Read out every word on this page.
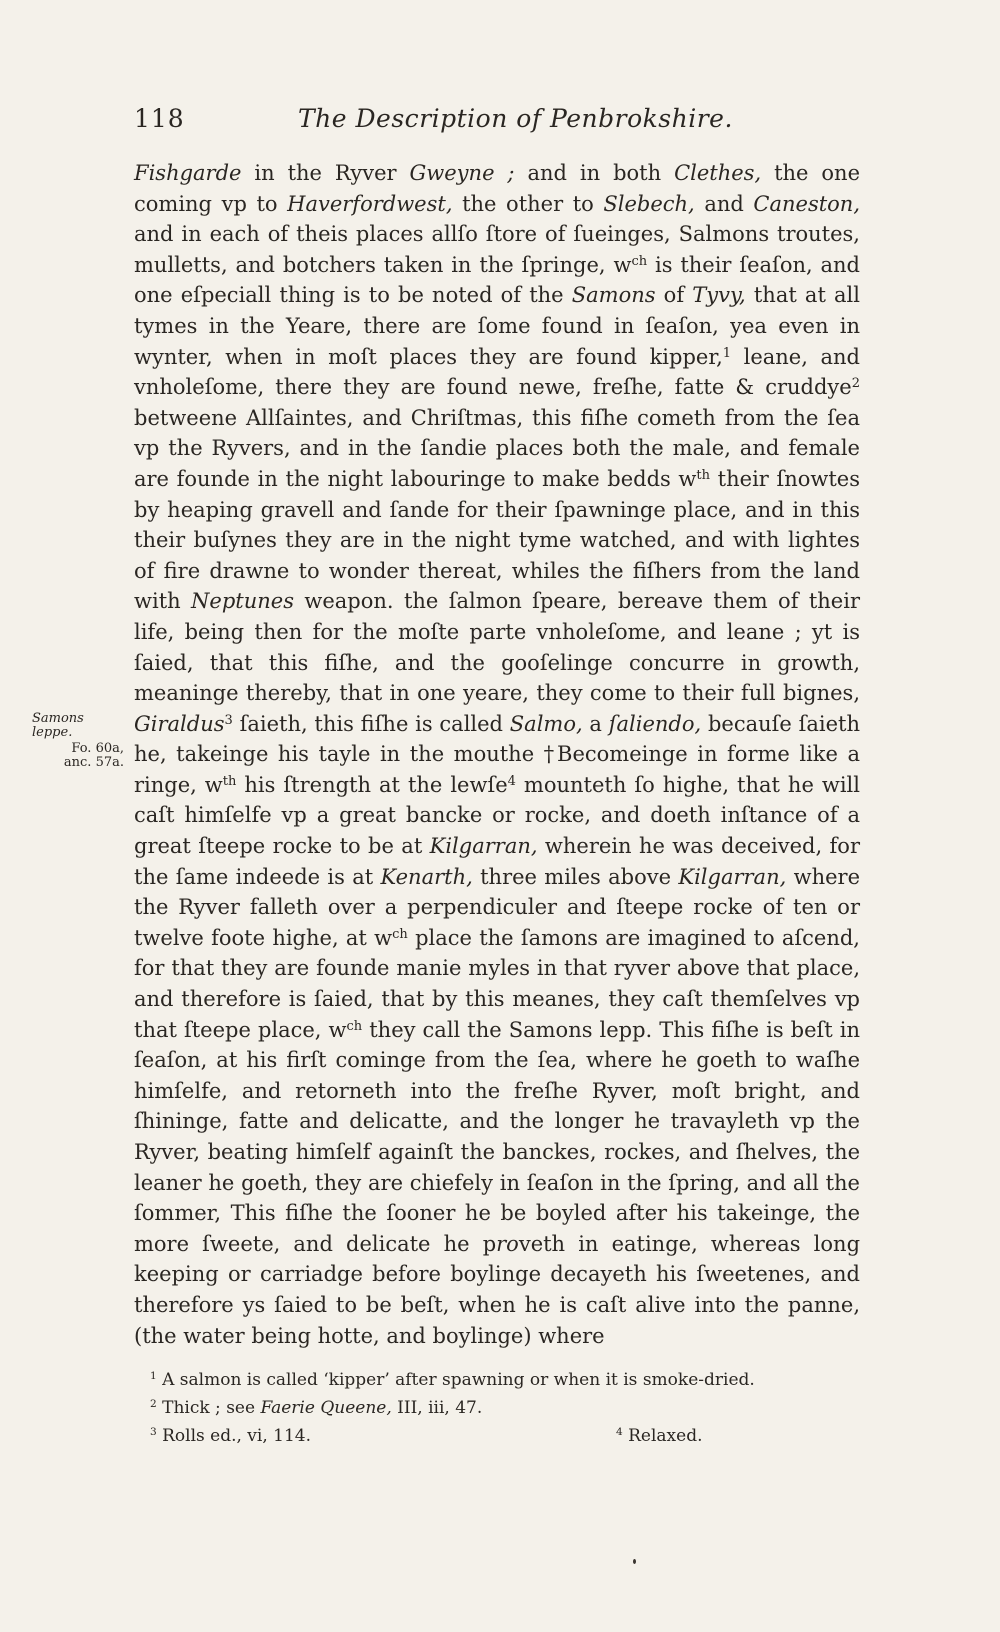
118	The Description of Penbrokshire.
Samons leppe.
Fo. 60a,
anc. 57a.

Fishgarde in the Ryver Gweyne ; and in both Clethes, the one coming vp to Haverfordwest, the other to Slebech, and Caneston, and in each of theis places allſo ſtore of ſueinges, Salmons troutes, mulletts, and botchers taken in the ſpringe, $w^{ch}$ is their ſeaſon, and one eſpeciall thing is to be noted of the Samons of Tyvy, that at all tymes in the Yeare, there are ſome found in ſeaſon, yea even in wynter, when in moſt places they are found kipper,$^1$ leane, and vnholeſome, there they are found newe, freſhe, fatte & cruddye$^2$ betweene Allſaintes, and Chriſtmas, this fiſhe cometh from the ſea vp the Ryvers, and in the ſandie places both the male, and female are founde in the night labouringe to make bedds $w^{th}$ their ſnowtes by heaping gravell and ſande for their ſpawninge place, and in this their buſynes they are in the night tyme watched, and with lightes of fire drawne to wonder thereat, whiles the fiſhers from the land with Neptunes weapon. the ſalmon ſpeare, bereave them of their life, being then for the moſte parte vnholeſome, and leane ; yt is ſaied, that this fiſhe, and the gooſelinge concurre in growth, meaninge thereby, that in one yeare, they come to their full bignes, Giraldus$^3$ ſaieth, this fiſhe is called Salmo, a ſaliendo, becauſe ſaieth he, takeinge his tayle in the mouthe †Becomeinge in forme like a ringe, $w^{th}$ his ſtrength at the lewſe$^4$ mounteth ſo highe, that he will caſt himſelfe vp a great bancke or rocke, and doeth inſtance of a great ſteepe rocke to be at Kilgarran, wherein he was deceived, for the ſame indeede is at Kenarth, three miles above Kilgarran, where the Ryver falleth over a perpendiculer and ſteepe rocke of ten or twelve foote highe, at $w^{ch}$ place the ſamons are imagined to aſcend, for that they are founde manie myles in that ryver above that place, and therefore is ſaied, that by this meanes, they caſt themſelves vp that ſteepe place, $w^{ch}$ they call the Samons lepp. This fiſhe is beſt in ſeaſon, at his firſt cominge from the ſea, where he goeth to waſhe himſelfe, and retorneth into the freſhe Ryver, moſt bright, and ſhininge, fatte and delicatte, and the longer he travayleth vp the Ryver, beating himſelf againſt the banckes, rockes, and ſhelves, the leaner he goeth, they are chiefely in ſeaſon in the ſpring, and all the ſommer, This fiſhe the ſooner he be boyled after his takeinge, the more ſweete, and delicate he proveth in eatinge, whereas long keeping or carriadge before boylinge decayeth his ſweetenes, and therefore ys ſaied to be beſt, when he is caſt alive into the panne, (the water being hotte, and boylinge) where

$^1$ A salmon is called ‘kipper’ after spawning or when it is smoke-dried.
$^2$ Thick ; see Faerie Queene, III, iii, 47.
$^3$ Rolls ed., vi, 114.	$^4$ Relaxed.
